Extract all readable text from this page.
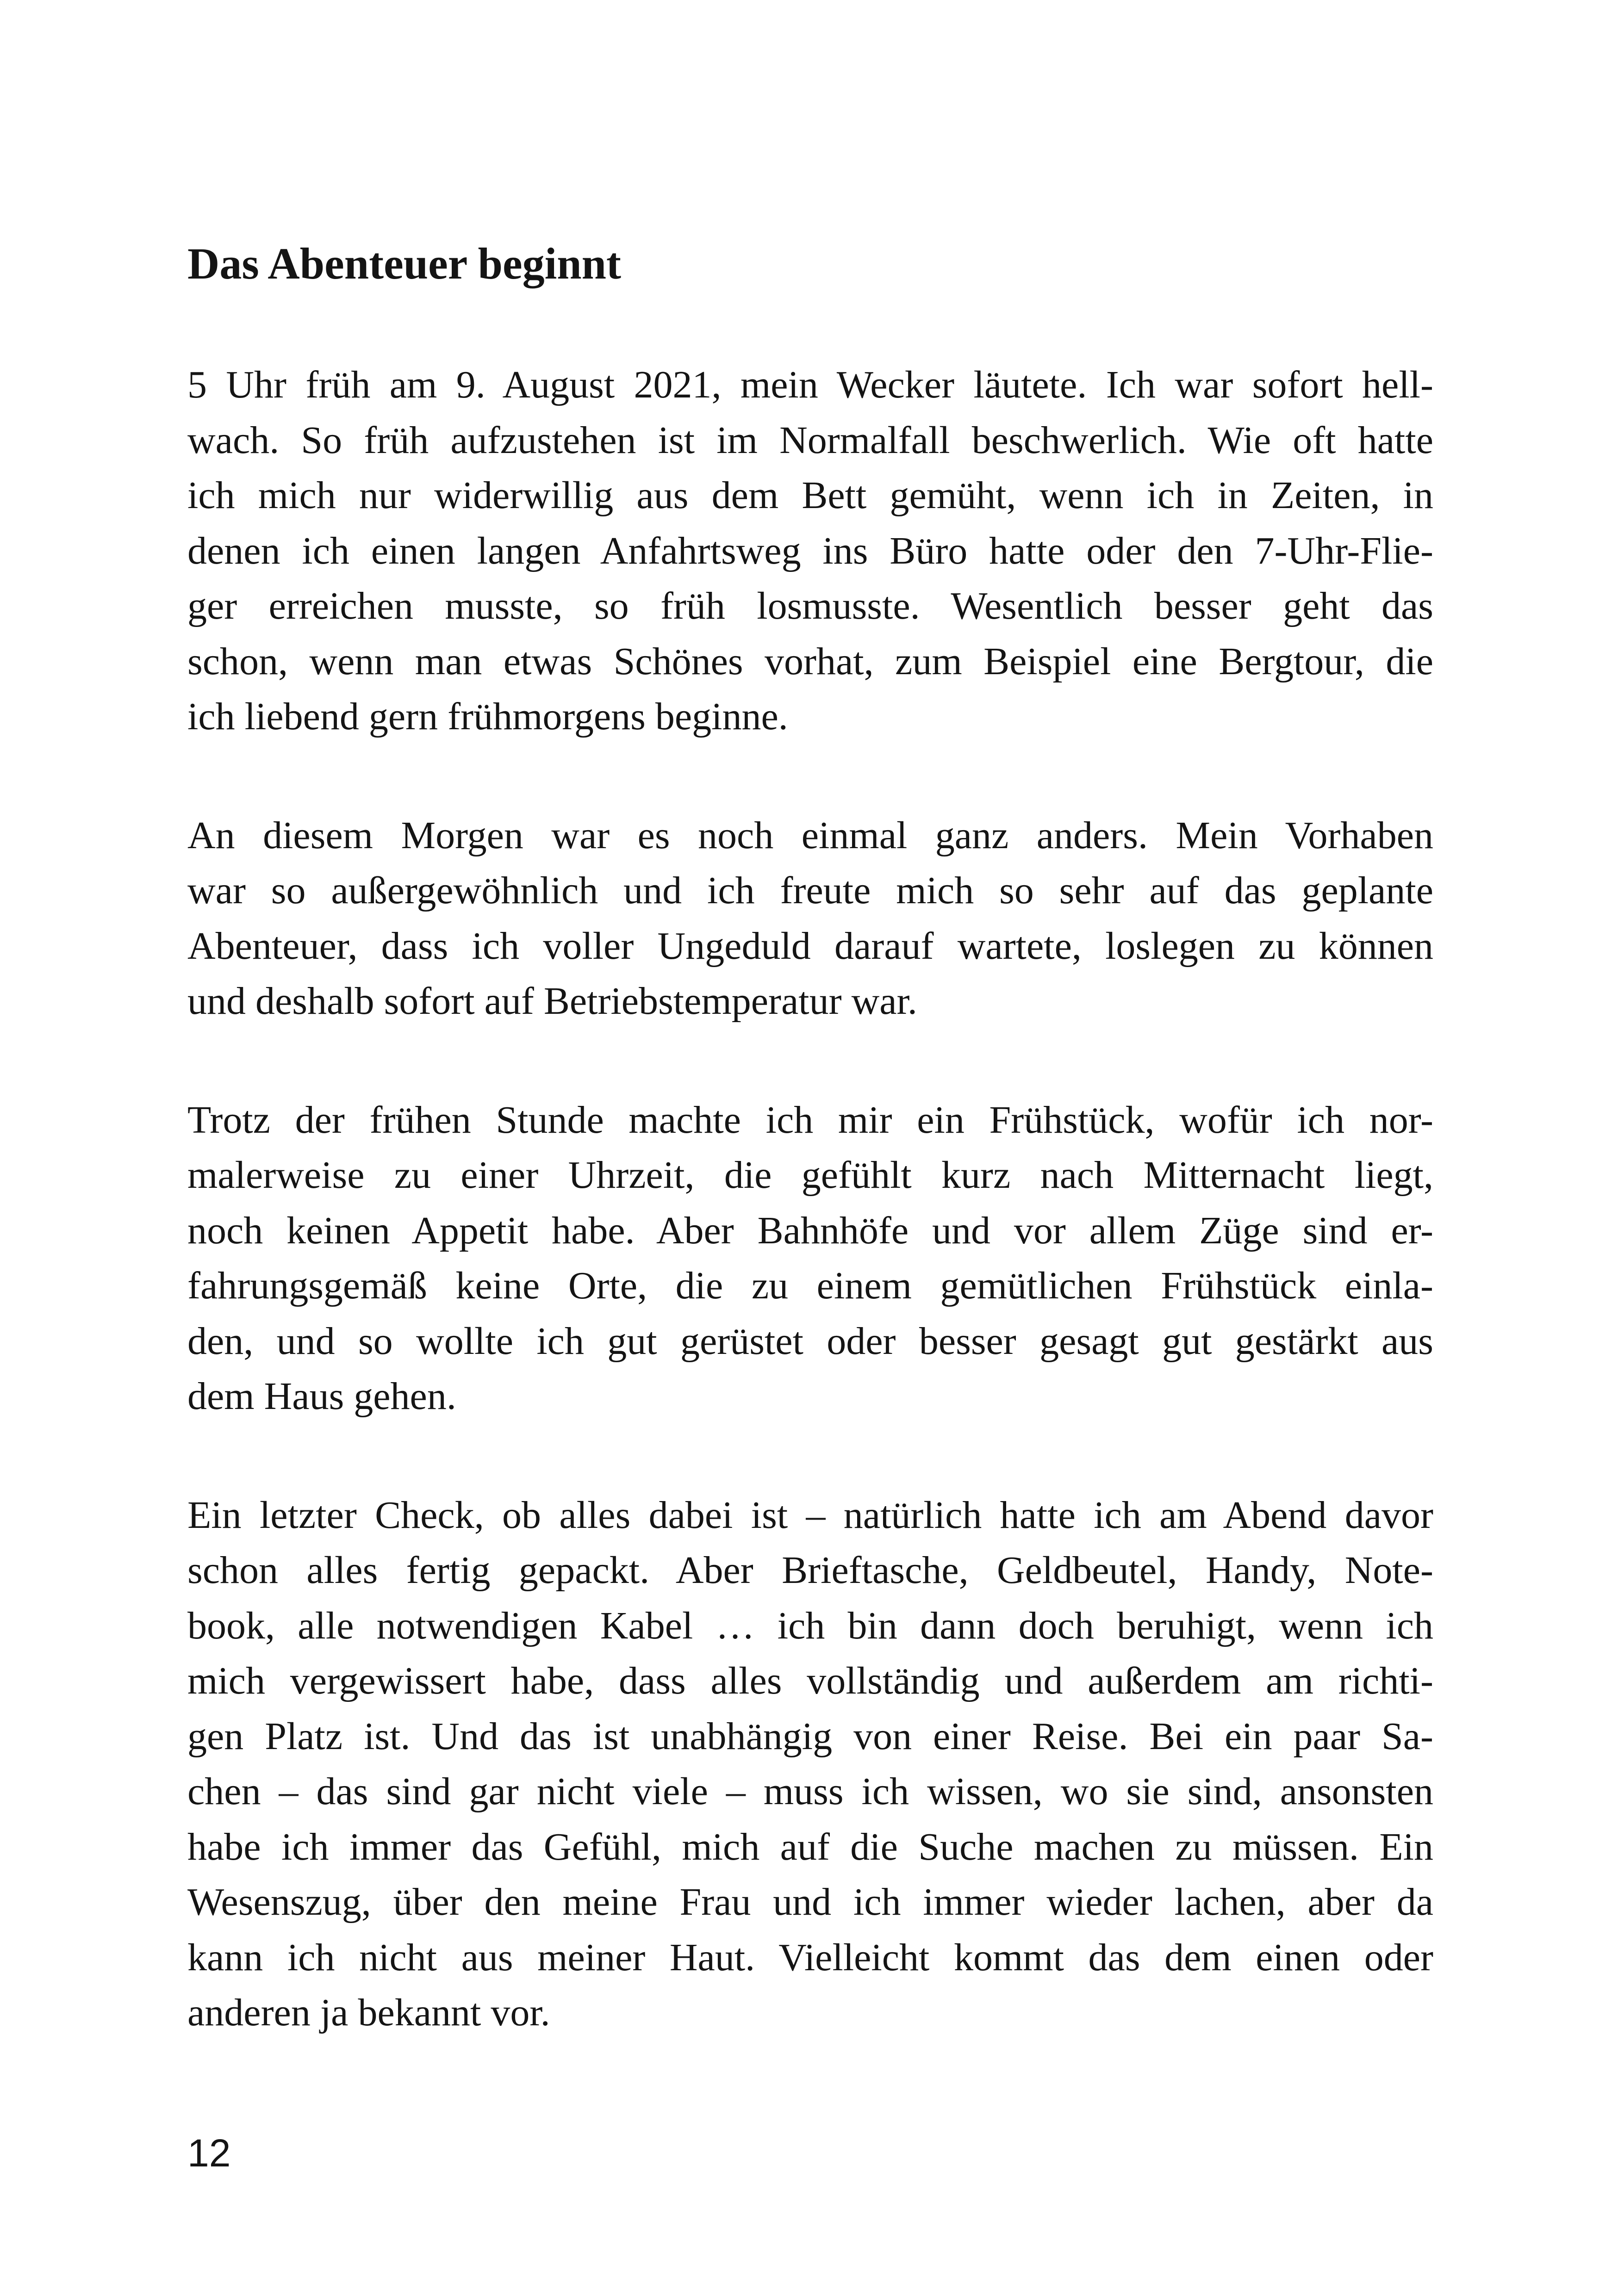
Das Abenteuer beginnt

5 Uhr früh am 9. August 2021, mein Wecker läutete. Ich war sofort hell-
wach. So früh aufzustehen ist im Normalfall beschwerlich. Wie oft hatte
ich mich nur widerwillig aus dem Bett gemüht, wenn ich in Zeiten, in
denen ich einen langen Anfahrtsweg ins Büro hatte oder den 7-Uhr-Flie-
ger erreichen musste, so früh losmusste. Wesentlich besser geht das
schon, wenn man etwas Schönes vorhat, zum Beispiel eine Bergtour, die
ich liebend gern frühmorgens beginne.

An diesem Morgen war es noch einmal ganz anders. Mein Vorhaben
war so außergewöhnlich und ich freute mich so sehr auf das geplante
Abenteuer, dass ich voller Ungeduld darauf wartete, loslegen zu können
und deshalb sofort auf Betriebstemperatur war.

Trotz der frühen Stunde machte ich mir ein Frühstück, wofür ich nor-
malerweise zu einer Uhrzeit, die gefühlt kurz nach Mitternacht liegt,
noch keinen Appetit habe. Aber Bahnhöfe und vor allem Züge sind er-
fahrungsgemäß keine Orte, die zu einem gemütlichen Frühstück einla-
den, und so wollte ich gut gerüstet oder besser gesagt gut gestärkt aus
dem Haus gehen.

Ein letzter Check, ob alles dabei ist – natürlich hatte ich am Abend davor
schon alles fertig gepackt. Aber Brieftasche, Geldbeutel, Handy, Note-
book, alle notwendigen Kabel … ich bin dann doch beruhigt, wenn ich
mich vergewissert habe, dass alles vollständig und außerdem am richti-
gen Platz ist. Und das ist unabhängig von einer Reise. Bei ein paar Sa-
chen – das sind gar nicht viele – muss ich wissen, wo sie sind, ansonsten
habe ich immer das Gefühl, mich auf die Suche machen zu müssen. Ein
Wesenszug, über den meine Frau und ich immer wieder lachen, aber da
kann ich nicht aus meiner Haut. Vielleicht kommt das dem einen oder
anderen ja bekannt vor.

12
